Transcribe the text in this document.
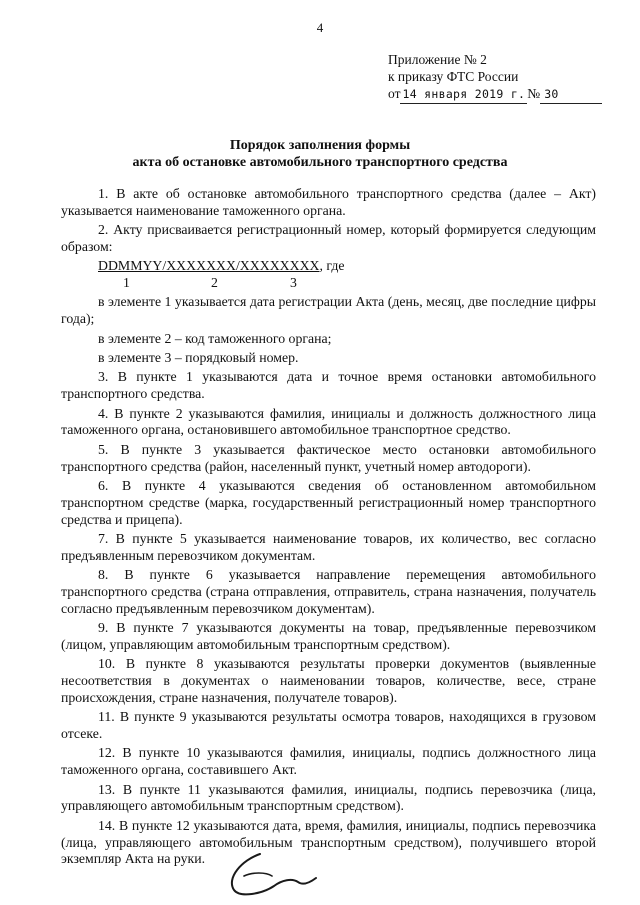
4
Приложение № 2
к приказу ФТС России
от 14 января 2019 г. № 30
Порядок заполнения формы
акта об остановке автомобильного транспортного средства

1. В акте об остановке автомобильного транспортного средства (далее – Акт) указывается наименование таможенного органа.

2. Акту присваивается регистрационный номер, который формируется следующим образом:

DDMMYY/XXXXXXX/XXXXXXXX, где
1	2	3

в элементе 1 указывается дата регистрации Акта (день, месяц, две последние цифры года);

в элементе 2 – код таможенного органа;

в элементе 3 – порядковый номер.

3. В пункте 1 указываются дата и точное время остановки автомобильного транспортного средства.

4. В пункте 2 указываются фамилия, инициалы и должность должностного лица таможенного органа, остановившего автомобильное транспортное средство.

5. В пункте 3 указывается фактическое место остановки автомобильного транспортного средства (район, населенный пункт, учетный номер автодороги).

6. В пункте 4 указываются сведения об остановленном автомобильном транспортном средстве (марка, государственный регистрационный номер транспортного средства и прицепа).

7. В пункте 5 указывается наименование товаров, их количество, вес согласно предъявленным перевозчиком документам.

8. В пункте 6 указывается направление перемещения автомобильного транспортного средства (страна отправления, отправитель, страна назначения, получатель согласно предъявленным перевозчиком документам).

9. В пункте 7 указываются документы на товар, предъявленные перевозчиком (лицом, управляющим автомобильным транспортным средством).

10. В пункте 8 указываются результаты проверки документов (выявленные несоответствия в документах о наименовании товаров, количестве, весе, стране происхождения, стране назначения, получателе товаров).

11. В пункте 9 указываются результаты осмотра товаров, находящихся в грузовом отсеке.

12. В пункте 10 указываются фамилия, инициалы, подпись должностного лица таможенного органа, составившего Акт.

13. В пункте 11 указываются фамилия, инициалы, подпись перевозчика (лица, управляющего автомобильным транспортным средством).

14. В пункте 12 указываются дата, время, фамилия, инициалы, подпись перевозчика (лица, управляющего автомобильным транспортным средством), получившего второй экземпляр Акта на руки.
